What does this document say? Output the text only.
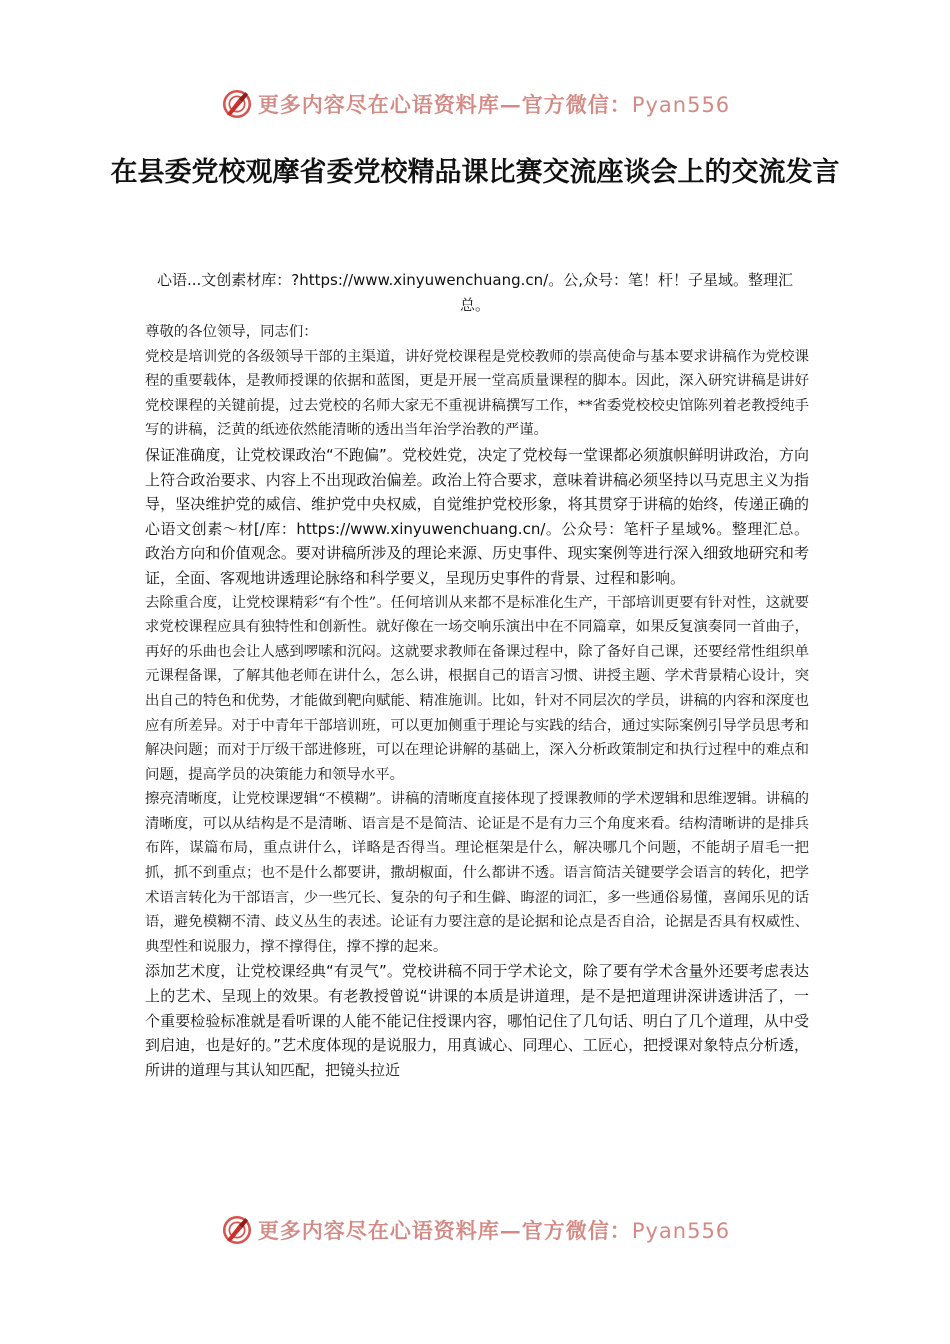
更多内容尽在心语资料库—官方微信：Pyan556
在县委党校观摩省委党校精品课比赛交流座谈会上的交流发言
心语...文创素材库：?https://www.xinyuwenchuang.cn/。公,众号：笔！杆！子星域。整理汇总。

尊敬的各位领导，同志们：

党校是培训党的各级领导干部的主渠道，讲好党校课程是党校教师的崇高使命与基本要求讲稿作为党校课程的重要载体，是教师授课的依据和蓝图，更是开展一堂高质量课程的脚本。因此，深入研究讲稿是讲好党校课程的关键前提，过去党校的名师大家无不重视讲稿撰写工作，**省委党校校史馆陈列着老教授纯手写的讲稿，泛黄的纸迹依然能清晰的透出当年治学治教的严谨。

保证准确度，让党校课政治“不跑偏”。党校姓党，决定了党校每一堂课都必须旗帜鲜明讲政治，方向上符合政治要求、内容上不出现政治偏差。政治上符合要求，意味着讲稿必须坚持以马克思主义为指导，坚决维护党的威信、维护党中央权威，自觉维护党校形象，将其贯穿于讲稿的始终，传递正确的心语文创素～材[/库：https://www.xinyuwenchuang.cn/。公众号：笔杆子星域%。整理汇总。政治方向和价值观念。要对讲稿所涉及的理论来源、历史事件、现实案例等进行深入细致地研究和考证，全面、客观地讲透理论脉络和科学要义，呈现历史事件的背景、过程和影响。

去除重合度，让党校课精彩“有个性”。任何培训从来都不是标准化生产，干部培训更要有针对性，这就要求党校课程应具有独特性和创新性。就好像在一场交响乐演出中在不同篇章，如果反复演奏同一首曲子，再好的乐曲也会让人感到啰嗦和沉闷。这就要求教师在备课过程中，除了备好自己课，还要经常性组织单元课程备课，了解其他老师在讲什么，怎么讲，根据自己的语言习惯、讲授主题、学术背景精心设计，突出自己的特色和优势，才能做到靶向赋能、精准施训。比如，针对不同层次的学员，讲稿的内容和深度也应有所差异。对于中青年干部培训班，可以更加侧重于理论与实践的结合，通过实际案例引导学员思考和解决问题；而对于厅级干部进修班，可以在理论讲解的基础上，深入分析政策制定和执行过程中的难点和问题，提高学员的决策能力和领导水平。

擦亮清晰度，让党校课逻辑“不模糊”。讲稿的清晰度直接体现了授课教师的学术逻辑和思维逻辑。讲稿的清晰度，可以从结构是不是清晰、语言是不是简洁、论证是不是有力三个角度来看。结构清晰讲的是排兵布阵，谋篇布局，重点讲什么，详略是否得当。理论框架是什么，解决哪几个问题，不能胡子眉毛一把抓，抓不到重点；也不是什么都要讲，撒胡椒面，什么都讲不透。语言简洁关键要学会语言的转化，把学术语言转化为干部语言，少一些冗长、复杂的句子和生僻、晦涩的词汇，多一些通俗易懂，喜闻乐见的话语，避免模糊不清、歧义丛生的表述。论证有力要注意的是论据和论点是否自洽，论据是否具有权威性、典型性和说服力，撑不撑得住，撑不撑的起来。

添加艺术度，让党校课经典“有灵气”。党校讲稿不同于学术论文，除了要有学术含量外还要考虑表达上的艺术、呈现上的效果。有老教授曾说“讲课的本质是讲道理，是不是把道理讲深讲透讲活了，一个重要检验标准就是看听课的人能不能记住授课内容，哪怕记住了几句话、明白了几个道理，从中受到启迪，也是好的。”艺术度体现的是说服力，用真诚心、同理心、工匠心，把授课对象特点分析透，所讲的道理与其认知匹配，把镜头拉近

更多内容尽在心语资料库—官方微信：Pyan556
